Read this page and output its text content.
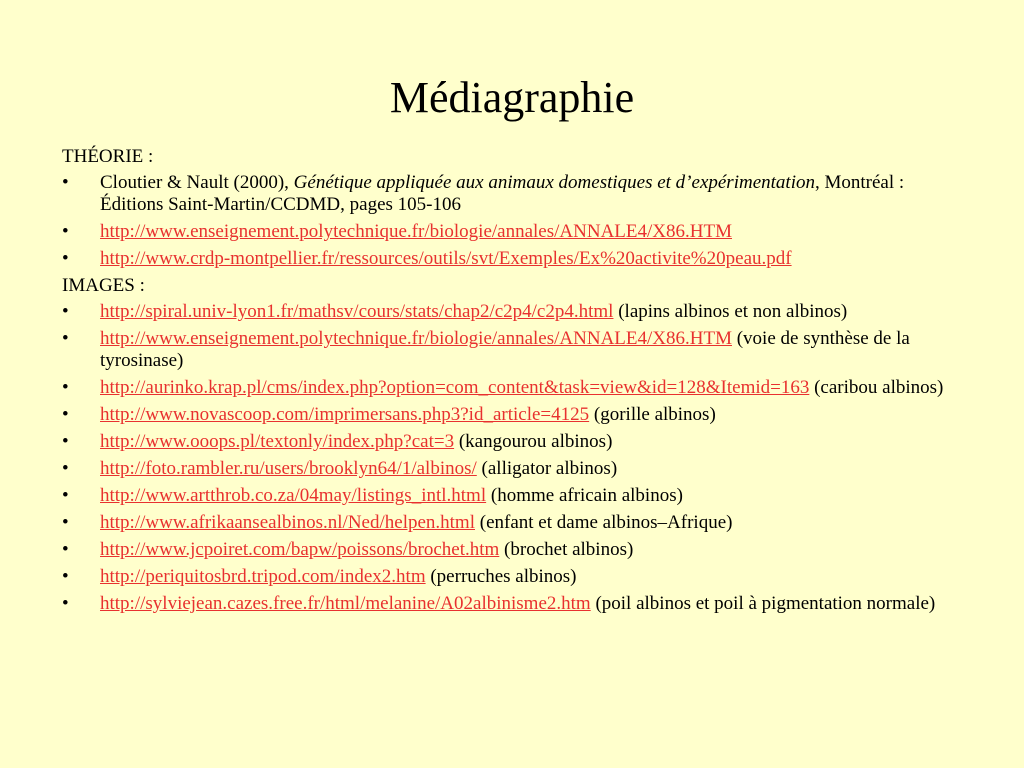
Médiagraphie
THÉORIE :
•	Cloutier & Nault (2000), Génétique appliquée aux animaux domestiques et d’expérimentation, Montréal : Éditions Saint-Martin/CCDMD, pages 105-106
•	http://www.enseignement.polytechnique.fr/biologie/annales/ANNALE4/X86.HTM
•	http://www.crdp-montpellier.fr/ressources/outils/svt/Exemples/Ex%20activite%20peau.pdf
IMAGES :
•	http://spiral.univ-lyon1.fr/mathsv/cours/stats/chap2/c2p4/c2p4.html (lapins albinos et non albinos)
•	http://www.enseignement.polytechnique.fr/biologie/annales/ANNALE4/X86.HTM (voie de synthèse de la tyrosinase)
•	http://aurinko.krap.pl/cms/index.php?option=com_content&task=view&id=128&Itemid=163 (caribou albinos)
•	http://www.novascoop.com/imprimersans.php3?id_article=4125 (gorille albinos)
•	http://www.ooops.pl/textonly/index.php?cat=3 (kangourou albinos)
•	http://foto.rambler.ru/users/brooklyn64/1/albinos/ (alligator albinos)
•	http://www.artthrob.co.za/04may/listings_intl.html (homme africain albinos)
•	http://www.afrikaansealbinos.nl/Ned/helpen.html (enfant et dame albinos–Afrique)
•	http://www.jcpoiret.com/bapw/poissons/brochet.htm (brochet albinos)
•	http://periquitosbrd.tripod.com/index2.htm (perruches albinos)
•	http://sylviejean.cazes.free.fr/html/melanine/A02albinisme2.htm (poil albinos et poil à pigmentation normale)
